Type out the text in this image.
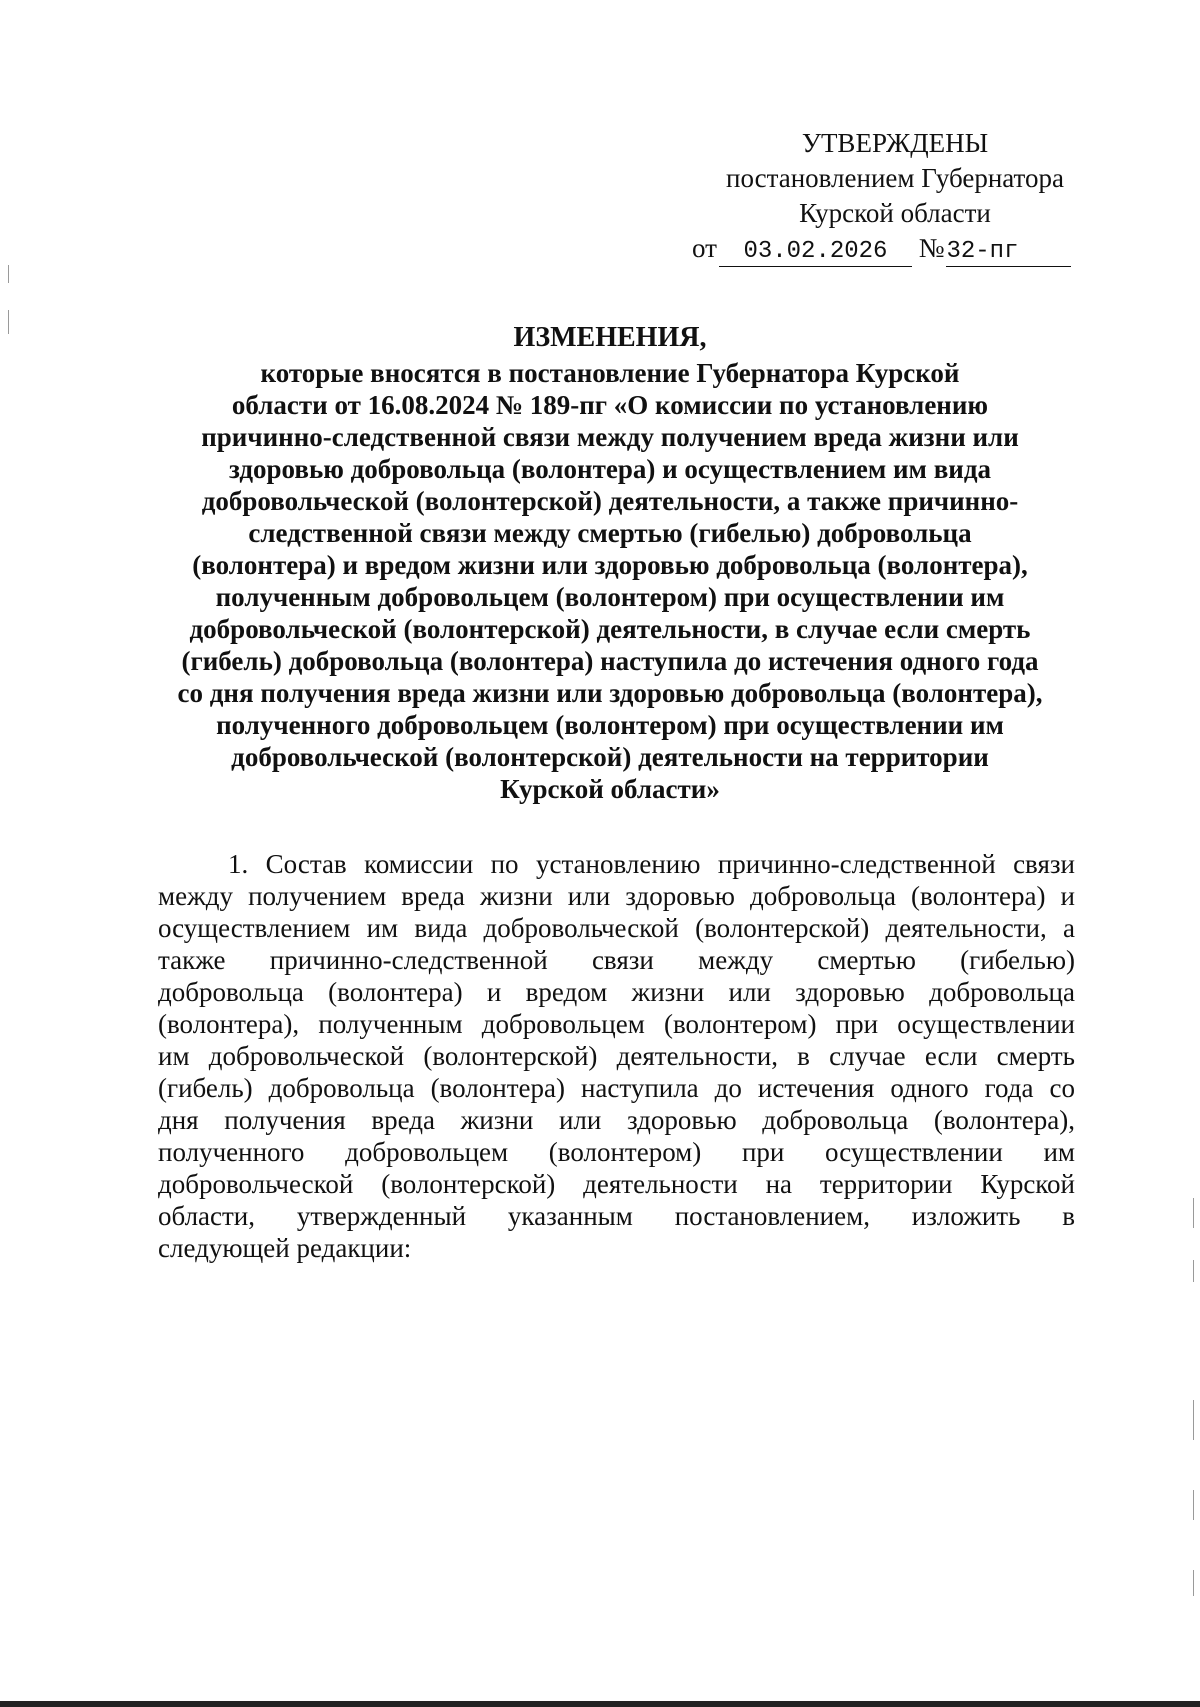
УТВЕРЖДЕНЫ
постановлением Губернатора
Курской области
от 03.02.2026 №32-пг
ИЗМЕНЕНИЯ,
которые вносятся в постановление Губернатора Курской
области от 16.08.2024 № 189-пг «О комиссии по установлению
причинно-следственной связи между получением вреда жизни или
здоровью добровольца (волонтера) и осуществлением им вида
добровольческой (волонтерской) деятельности, а также причинно-
следственной связи между смертью (гибелью) добровольца
(волонтера) и вредом жизни или здоровью добровольца (волонтера),
полученным добровольцем (волонтером) при осуществлении им
добровольческой (волонтерской) деятельности, в случае если смерть
(гибель) добровольца (волонтера) наступила до истечения одного года
со дня получения вреда жизни или здоровью добровольца (волонтера),
полученного добровольцем (волонтером) при осуществлении им
добровольческой (волонтерской) деятельности на территории
Курской области»
1. Состав комиссии по установлению причинно-следственной связи
между получением вреда жизни или здоровью добровольца (волонтера) и
осуществлением им вида добровольческой (волонтерской) деятельности, а
также причинно-следственной связи между смертью (гибелью)
добровольца (волонтера) и вредом жизни или здоровью добровольца
(волонтера), полученным добровольцем (волонтером) при осуществлении
им добровольческой (волонтерской) деятельности, в случае если смерть
(гибель) добровольца (волонтера) наступила до истечения одного года со
дня получения вреда жизни или здоровью добровольца (волонтера),
полученного добровольцем (волонтером) при осуществлении им
добровольческой (волонтерской) деятельности на территории Курской
области, утвержденный указанным постановлением, изложить в
следующей редакции:
